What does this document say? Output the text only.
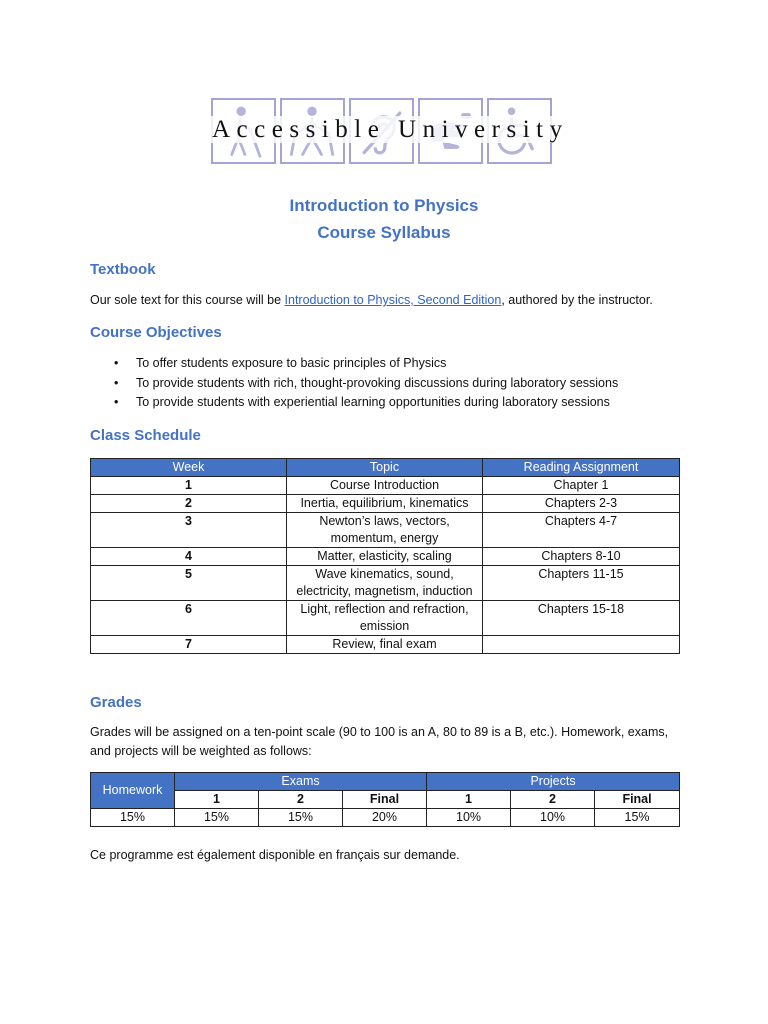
Accessible University
Introduction to Physics
Course Syllabus
Textbook
Our sole text for this course will be Introduction to Physics, Second Edition, authored by the instructor.
Course Objectives
• To offer students exposure to basic principles of Physics
• To provide students with rich, thought-provoking discussions during laboratory sessions
• To provide students with experiential learning opportunities during laboratory sessions
Class Schedule
Week	Topic	Reading Assignment
1	Course Introduction	Chapter 1
2	Inertia, equilibrium, kinematics	Chapters 2-3
3	Newton’s laws, vectors, momentum, energy	Chapters 4-7
4	Matter, elasticity, scaling	Chapters 8-10
5	Wave kinematics, sound, electricity, magnetism, induction	Chapters 11-15
6	Light, reflection and refraction, emission	Chapters 15-18
7	Review, final exam	
Grades
Grades will be assigned on a ten-point scale (90 to 100 is an A, 80 to 89 is a B, etc.). Homework, exams, and projects will be weighted as follows:
Homework	Exams			Projects		
	1	2	Final	1	2	Final
15%	15%	15%	20%	10%	10%	15%
Ce programme est également disponible en français sur demande.
